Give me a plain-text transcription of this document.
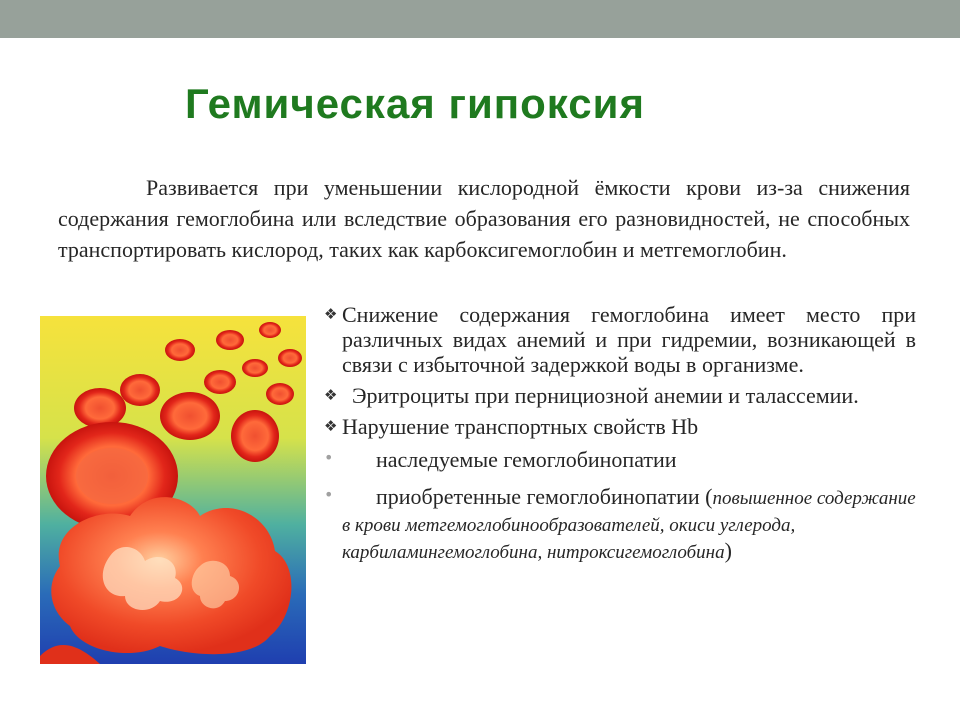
Гемическая гипоксия

Развивается при уменьшении кислородной ёмкости крови из-за снижения содержания гемоглобина или вследствие образования его разновидностей, не способных транспортировать кислород, таких как карбоксигемоглобин и метгемоглобин.

❖ Снижение содержания гемоглобина имеет место при различных видах анемий и при гидремии, возникающей в связи с избыточной задержкой воды в организме.
❖ Эритроциты при пернициозной анемии и талассемии.
❖ Нарушение транспортных свойств Hb
• наследуемые гемоглобинопатии
• приобретенные гемоглобинопатии (повышенное содержание в крови метгемоглобинообразователей, окиси углерода, карбиламингемоглобина, нитроксигемоглобина)
